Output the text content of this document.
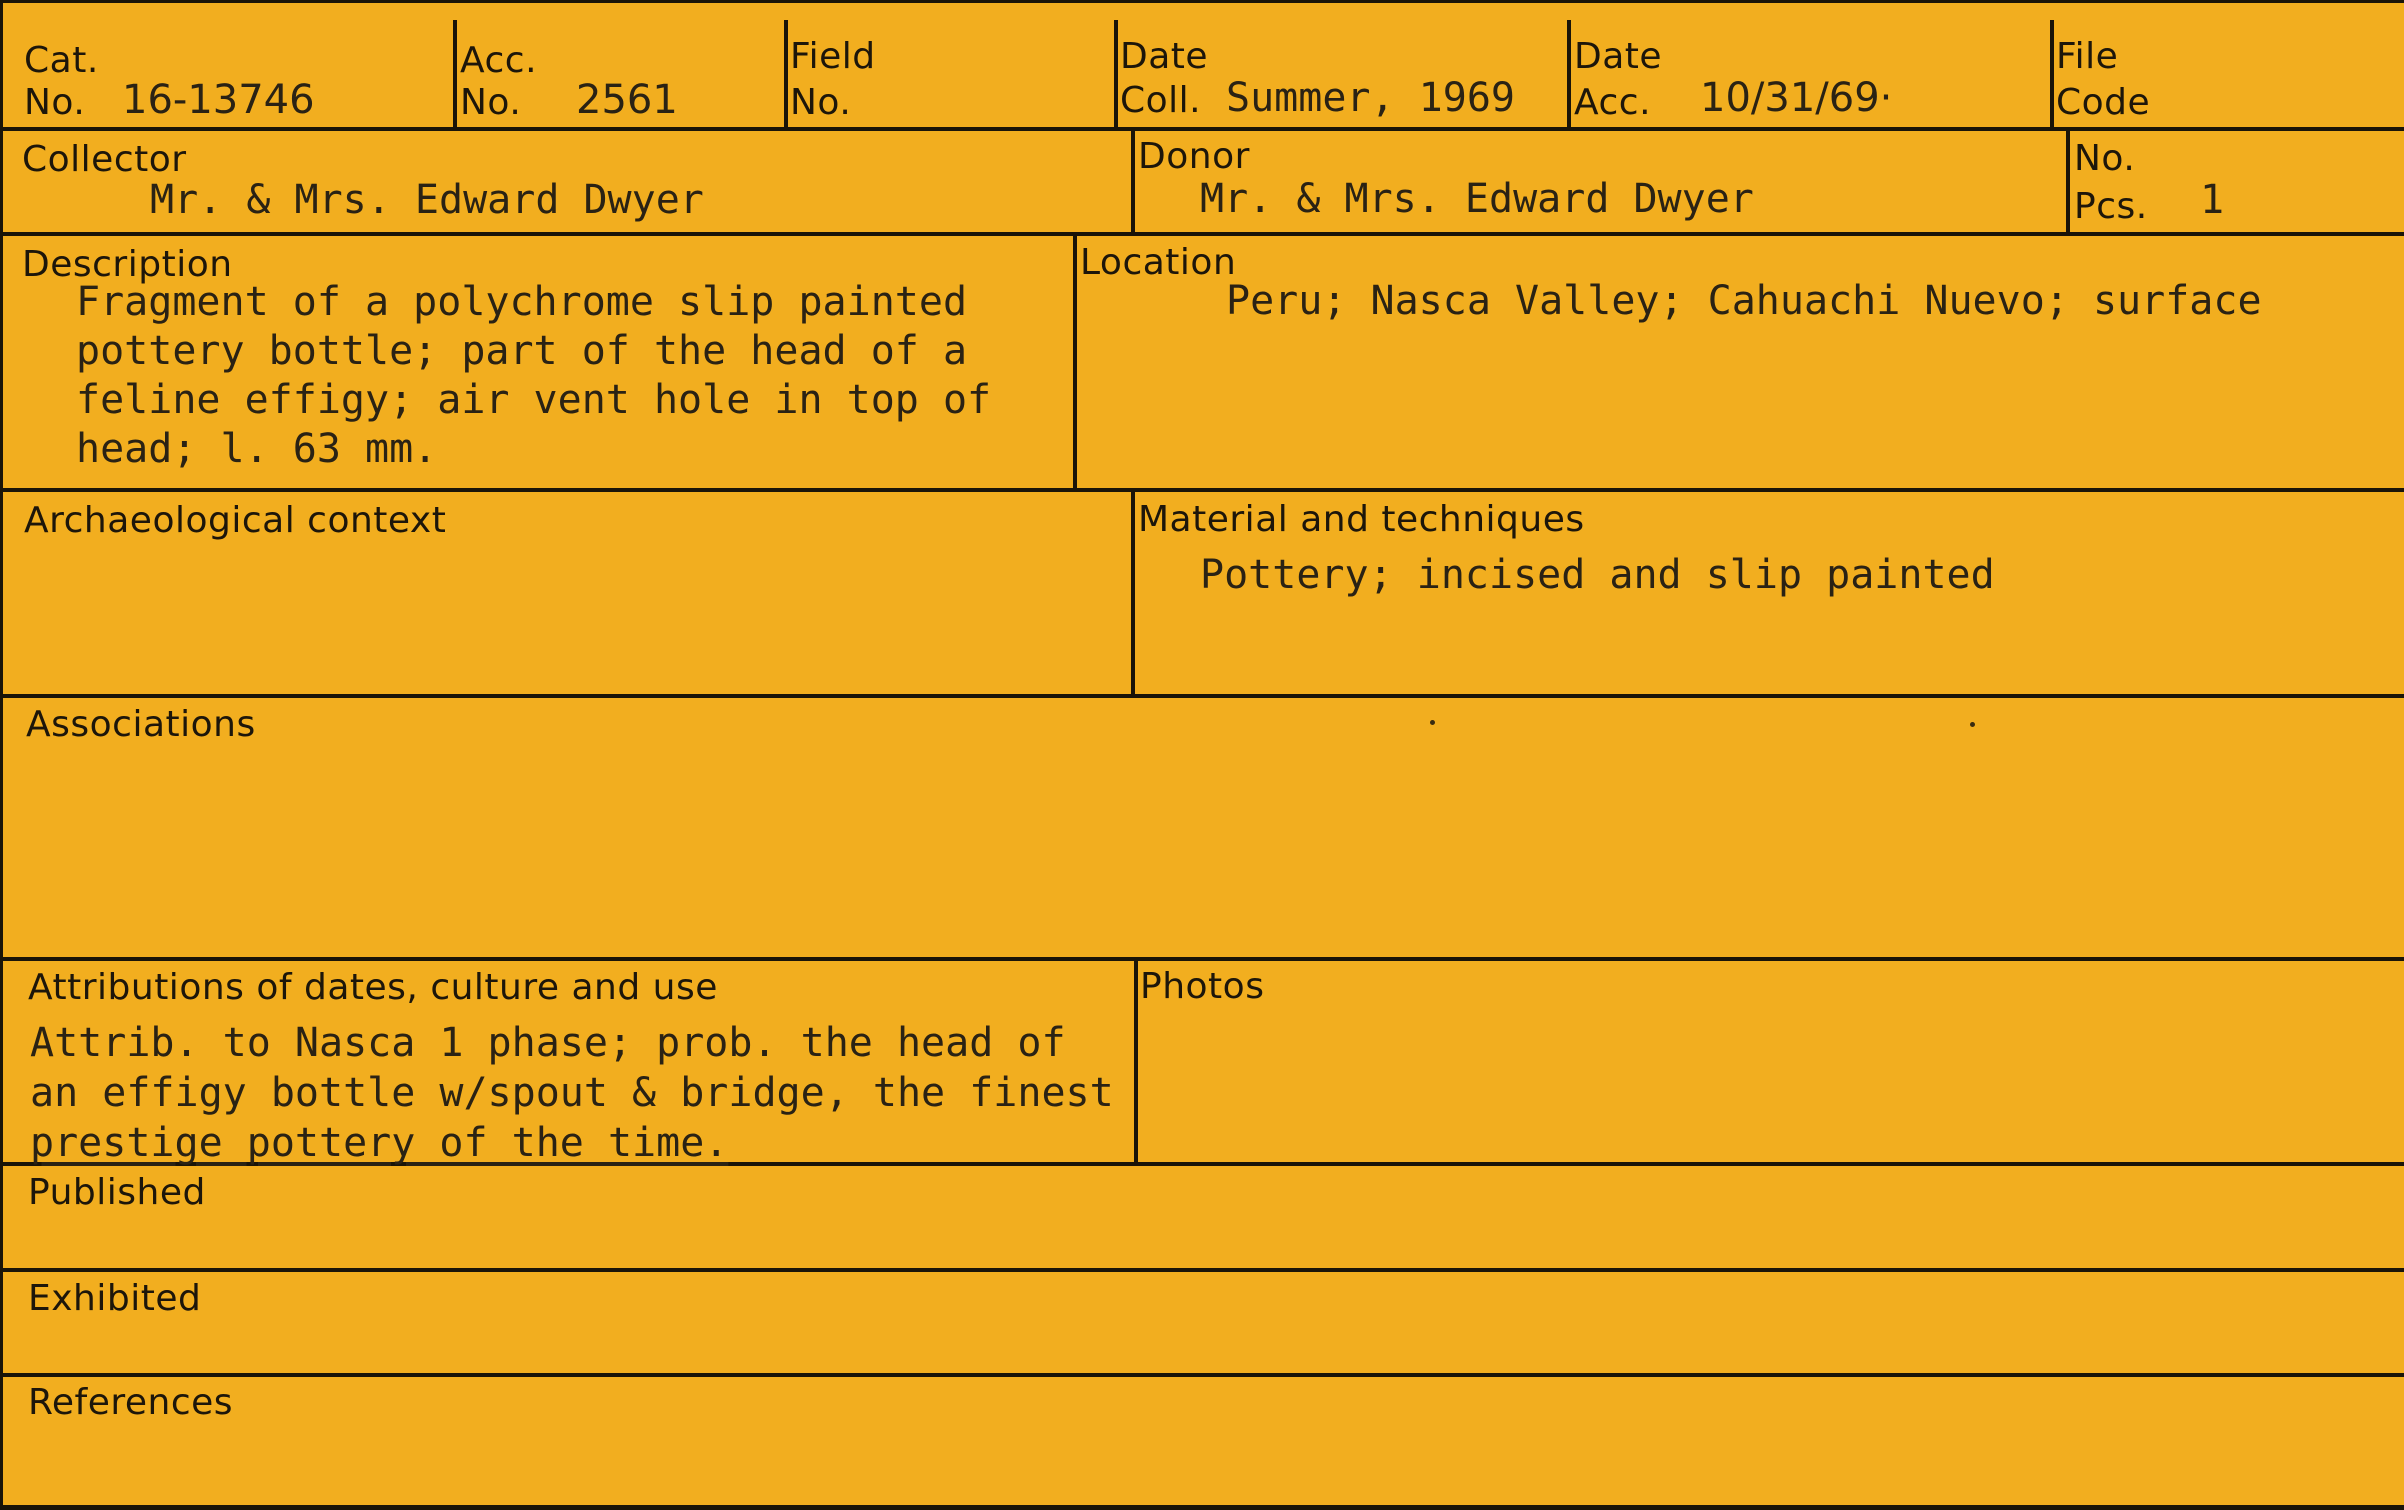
Cat.
No. 16-13746
Acc.
No. 2561
Field
No.
Date
Coll. Summer, 1969
Date
Acc. 10/31/69·
File
Code
Collector
Mr. & Mrs. Edward Dwyer
Donor
Mr. & Mrs. Edward Dwyer
No.
Pcs. 1
Description
Fragment of a polychrome slip painted
pottery bottle; part of the head of a
feline effigy; air vent hole in top of
head; l. 63 mm.
Location
Peru; Nasca Valley; Cahuachi Nuevo; surface
Archaeological context	Material and techniques
Pottery; incised and slip painted
Associations
Attributions of dates, culture and use
Attrib. to Nasca 1 phase; prob. the head of
an effigy bottle w/spout & bridge, the finest
prestige pottery of the time.
Photos
Published
Exhibited
References
